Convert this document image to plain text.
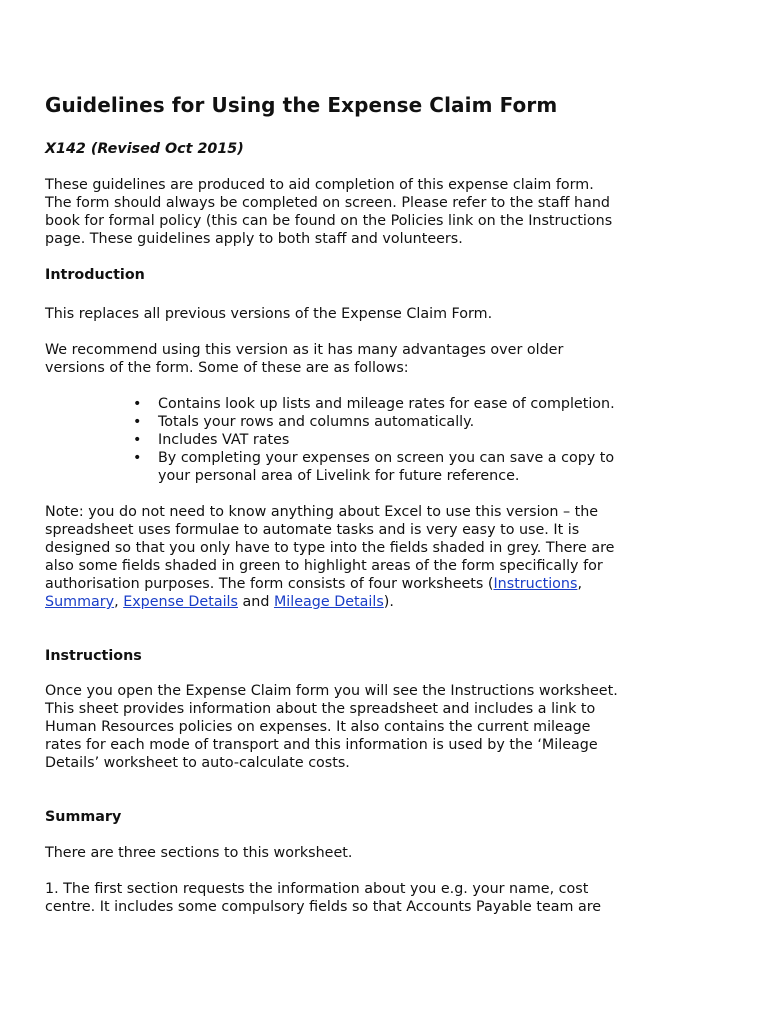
Guidelines for Using the Expense Claim Form

X142 (Revised Oct 2015)

These guidelines are produced to aid completion of this expense claim form.
The form should always be completed on screen. Please refer to the staff hand
book for formal policy (this can be found on the Policies link on the Instructions
page. These guidelines apply to both staff and volunteers.

Introduction

This replaces all previous versions of the Expense Claim Form.

We recommend using this version as it has many advantages over older
versions of the form. Some of these are as follows:

• Contains look up lists and mileage rates for ease of completion.
• Totals your rows and columns automatically.
• Includes VAT rates
• By completing your expenses on screen you can save a copy to
your personal area of Livelink for future reference.

Note: you do not need to know anything about Excel to use this version – the
spreadsheet uses formulae to automate tasks and is very easy to use. It is
designed so that you only have to type into the fields shaded in grey. There are
also some fields shaded in green to highlight areas of the form specifically for
authorisation purposes. The form consists of four worksheets (Instructions,
Summary, Expense Details and Mileage Details).

Instructions

Once you open the Expense Claim form you will see the Instructions worksheet.
This sheet provides information about the spreadsheet and includes a link to
Human Resources policies on expenses. It also contains the current mileage
rates for each mode of transport and this information is used by the ‘Mileage
Details’ worksheet to auto-calculate costs.

Summary

There are three sections to this worksheet.

1. The first section requests the information about you e.g. your name, cost
centre. It includes some compulsory fields so that Accounts Payable team are
